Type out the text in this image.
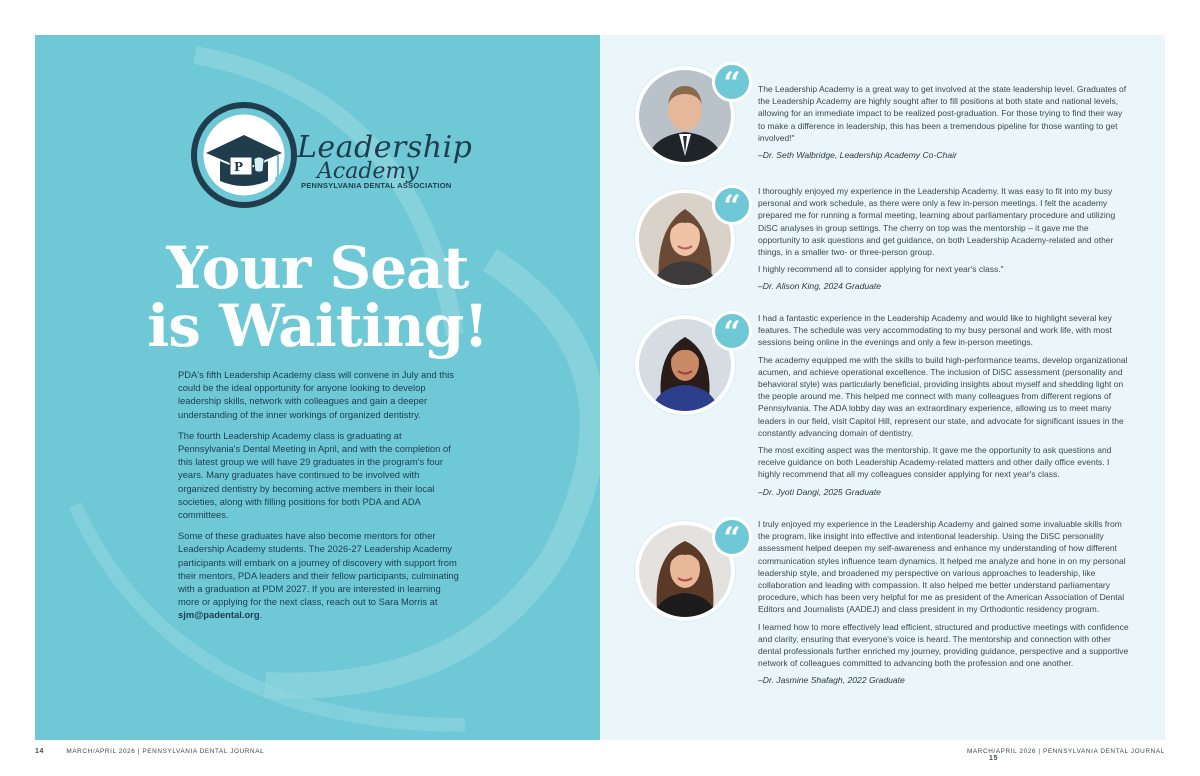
P
Leadership
Academy
PENNSYLVANIA DENTAL ASSOCIATION
Your Seat
is Waiting!

PDA's fifth Leadership Academy class will convene in July and this could be the ideal opportunity for anyone looking to develop leadership skills, network with colleagues and gain a deeper understanding of the inner workings of organized dentistry.

The fourth Leadership Academy class is graduating at Pennsylvania's Dental Meeting in April, and with the completion of this latest group we will have 29 graduates in the program's four years. Many graduates have continued to be involved with organized dentistry by becoming active members in their local societies, along with filling positions for both PDA and ADA committees.

Some of these graduates have also become mentors for other Leadership Academy students. The 2026-27 Leadership Academy participants will embark on a journey of discovery with support from their mentors, PDA leaders and their fellow participants, culminating with a graduation at PDM 2027. If you are interested in learning more or applying for the next class, reach out to Sara Morris at sjm@padental.org.

“	The Leadership Academy is a great way to get involved at the state leadership level. Graduates of the Leadership Academy are highly sought after to fill positions at both state and national levels, allowing for an immediate impact to be realized post-graduation. For those trying to find their way to make a difference in leadership, this has been a tremendous pipeline for those wanting to get involved!"

–Dr. Seth Walbridge, Leadership Academy Co-Chair
“	I thoroughly enjoyed my experience in the Leadership Academy. It was easy to fit into my busy personal and work schedule, as there were only a few in-person meetings. I felt the academy prepared me for running a formal meeting, learning about parliamentary procedure and utilizing DiSC analyses in group settings. The cherry on top was the mentorship – it gave me the opportunity to ask questions and get guidance, on both Leadership Academy-related and other things, in a smaller two- or three-person group.

I highly recommend all to consider applying for next year's class."

–Dr. Alison King, 2024 Graduate
“	I had a fantastic experience in the Leadership Academy and would like to highlight several key features. The schedule was very accommodating to my busy personal and work life, with most sessions being online in the evenings and only a few in-person meetings.

The academy equipped me with the skills to build high-performance teams, develop organizational acumen, and achieve operational excellence. The inclusion of DiSC assessment (personality and behavioral style) was particularly beneficial, providing insights about myself and shedding light on the people around me. This helped me connect with many colleagues from different regions of Pennsylvania. The ADA lobby day was an extraordinary experience, allowing us to meet many leaders in our field, visit Capitol Hill, represent our state, and advocate for significant issues in the constantly advancing domain of dentistry.

The most exciting aspect was the mentorship. It gave me the opportunity to ask questions and receive guidance on both Leadership Academy-related matters and other daily office events. I highly recommend that all my colleagues consider applying for next year's class.

–Dr. Jyoti Dangi, 2025 Graduate
“	I truly enjoyed my experience in the Leadership Academy and gained some invaluable skills from the program, like insight into effective and intentional leadership. Using the DiSC personality assessment helped deepen my self-awareness and enhance my understanding of how different communication styles influence team dynamics. It helped me analyze and hone in on my personal leadership style, and broadened my perspective on various approaches to leadership, like collaboration and leading with compassion. It also helped me better understand parliamentary procedure, which has been very helpful for me as president of the American Association of Dental Editors and Journalists (AADEJ) and class president in my Orthodontic residency program.

I learned how to more effectively lead efficient, structured and productive meetings with confidence and clarity, ensuring that everyone's voice is heard. The mentorship and connection with other dental professionals further enriched my journey, providing guidance, perspective and a supportive network of colleagues committed to advancing both the profession and one another.

–Dr. Jasmine Shafagh, 2022 Graduate
14	MARCH/APRIL 2026 | PENNSYLVANIA DENTAL JOURNAL	MARCH/APRIL 2026 | PENNSYLVANIA DENTAL JOURNAL 15
